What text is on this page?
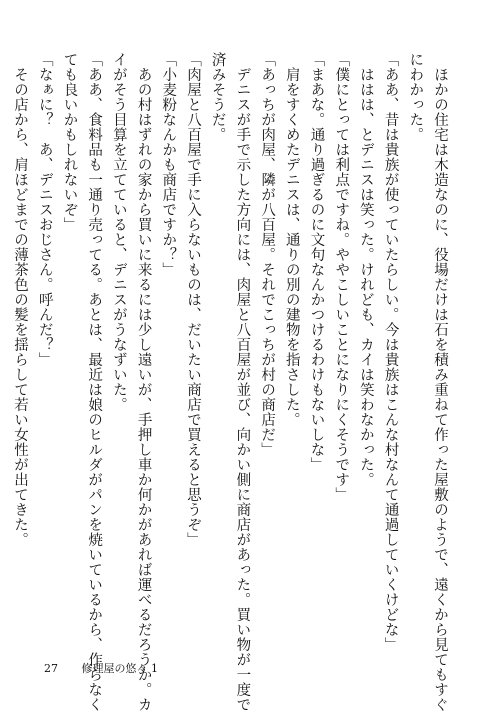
　ほかの住宅は木造なのに、役場だけは石を積み重ねて作った屋敷のようで、遠くから見てもすぐ

にわかった。

「ああ、昔は貴族が使っていたらしい。今は貴族はこんな村なんて通過していくけどな」

　ははは、とデニスは笑った。けれども、カイは笑わなかった。

「僕にとっては利点ですね。ややこしいことになりにくそうです」

「まあな。通り過ぎるのに文句なんかつけるわけもないしな」

　肩をすくめたデニスは、通りの別の建物を指さした。

「あっちが肉屋、隣が八百屋。それでこっちが村の商店だ」

　デニスが手で示した方向には、肉屋と八百屋が並び、向かい側に商店があった。買い物が一度で

済みそうだ。

「肉屋と八百屋で手に入らないものは、だいたい商店で買えると思うぞ」

「小麦粉なんかも商店ですか？」

　あの村はずれの家から買いに来るには少し遠いが、手押し車か何かがあれば運べるだろうか。カ

イがそう目算を立てていると、デニスがうなずいた。

「ああ、食料品も一通り売ってる。あとは、最近は娘のヒルダがパンを焼いているから、作らなく

ても良いかもしれないぞ」

「なぁに？　あ、デニスおじさん。呼んだ？」

　その店から、肩ほどまでの薄茶色の髪を揺らして若い女性が出てきた。

27 修理屋の悠々 1
